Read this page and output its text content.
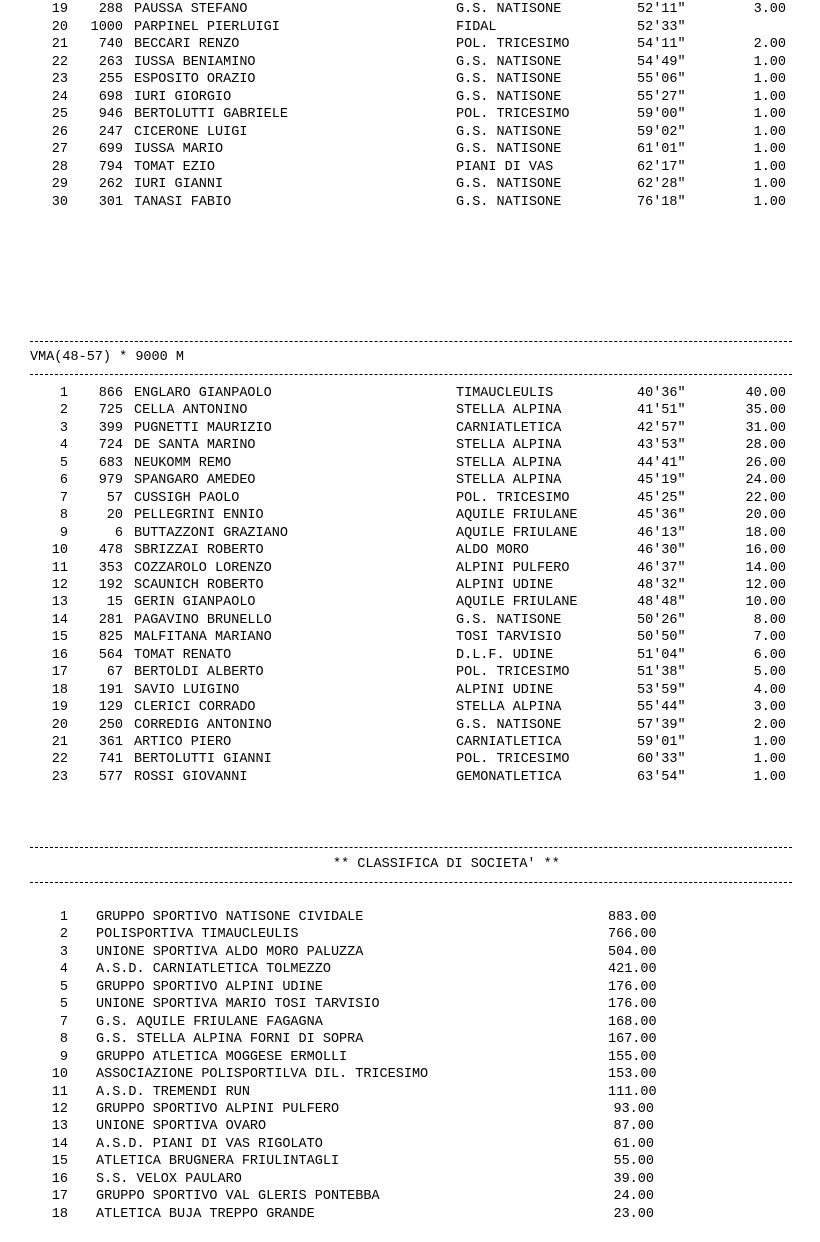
19	288 PAUSSA STEFANO	G.S. NATISONE	52'11"	3.00
20	1000 PARPINEL PIERLUIGI	FIDAL	52'33"
21	740 BECCARI RENZO	POL. TRICESIMO	54'11"	2.00
22	263 IUSSA BENIAMINO	G.S. NATISONE	54'49"	1.00
23	255 ESPOSITO ORAZIO	G.S. NATISONE	55'06"	1.00
24	698 IURI GIORGIO	G.S. NATISONE	55'27"	1.00
25	946 BERTOLUTTI GABRIELE	POL. TRICESIMO	59'00"	1.00
26	247 CICERONE LUIGI	G.S. NATISONE	59'02"	1.00
27	699 IUSSA MARIO	G.S. NATISONE	61'01"	1.00
28	794 TOMAT EZIO	PIANI DI VAS	62'17"	1.00
29	262 IURI GIANNI	G.S. NATISONE	62'28"	1.00
30	301 TANASI FABIO	G.S. NATISONE	76'18"	1.00
VMA(48-57) * 9000 M
1	866 ENGLARO GIANPAOLO	TIMAUCLEULIS	40'36"	40.00
2	725 CELLA ANTONINO	STELLA ALPINA	41'51"	35.00
3	399 PUGNETTI MAURIZIO	CARNIATLETICA	42'57"	31.00
4	724 DE SANTA MARINO	STELLA ALPINA	43'53"	28.00
5	683 NEUKOMM REMO	STELLA ALPINA	44'41"	26.00
6	979 SPANGARO AMEDEO	STELLA ALPINA	45'19"	24.00
7	57 CUSSIGH PAOLO	POL. TRICESIMO	45'25"	22.00
8	20 PELLEGRINI ENNIO	AQUILE FRIULANE	45'36"	20.00
9	6 BUTTAZZONI GRAZIANO	AQUILE FRIULANE	46'13"	18.00
10	478 SBRIZZAI ROBERTO	ALDO MORO	46'30"	16.00
11	353 COZZAROLO LORENZO	ALPINI PULFERO	46'37"	14.00
12	192 SCAUNICH ROBERTO	ALPINI UDINE	48'32"	12.00
13	15 GERIN GIANPAOLO	AQUILE FRIULANE	48'48"	10.00
14	281 PAGAVINO BRUNELLO	G.S. NATISONE	50'26"	8.00
15	825 MALFITANA MARIANO	TOSI TARVISIO	50'50"	7.00
16	564 TOMAT RENATO	D.L.F. UDINE	51'04"	6.00
17	67 BERTOLDI ALBERTO	POL. TRICESIMO	51'38"	5.00
18	191 SAVIO LUIGINO	ALPINI UDINE	53'59"	4.00
19	129 CLERICI CORRADO	STELLA ALPINA	55'44"	3.00
20	250 CORREDIG ANTONINO	G.S. NATISONE	57'39"	2.00
21	361 ARTICO PIERO	CARNIATLETICA	59'01"	1.00
22	741 BERTOLUTTI GIANNI	POL. TRICESIMO	60'33"	1.00
23	577 ROSSI GIOVANNI	GEMONATLETICA	63'54"	1.00
** CLASSIFICA DI SOCIETA' **
1 GRUPPO SPORTIVO NATISONE CIVIDALE	883.00
2 POLISPORTIVA TIMAUCLEULIS	766.00
3 UNIONE SPORTIVA ALDO MORO PALUZZA	504.00
4 A.S.D. CARNIATLETICA TOLMEZZO	421.00
5 GRUPPO SPORTIVO ALPINI UDINE	176.00
5 UNIONE SPORTIVA MARIO TOSI TARVISIO	176.00
7 G.S. AQUILE FRIULANE FAGAGNA	168.00
8 G.S. STELLA ALPINA FORNI DI SOPRA	167.00
9 GRUPPO ATLETICA MOGGESE ERMOLLI	155.00
10 ASSOCIAZIONE POLISPORTILVA DIL. TRICESIMO	153.00
11 A.S.D. TREMENDI RUN	111.00
12 GRUPPO SPORTIVO ALPINI PULFERO	93.00
13 UNIONE SPORTIVA OVARO	87.00
14 A.S.D. PIANI DI VAS RIGOLATO	61.00
15 ATLETICA BRUGNERA FRIULINTAGLI	55.00
16 S.S. VELOX PAULARO	39.00
17 GRUPPO SPORTIVO VAL GLERIS PONTEBBA	24.00
18 ATLETICA BUJA TREPPO GRANDE	23.00
